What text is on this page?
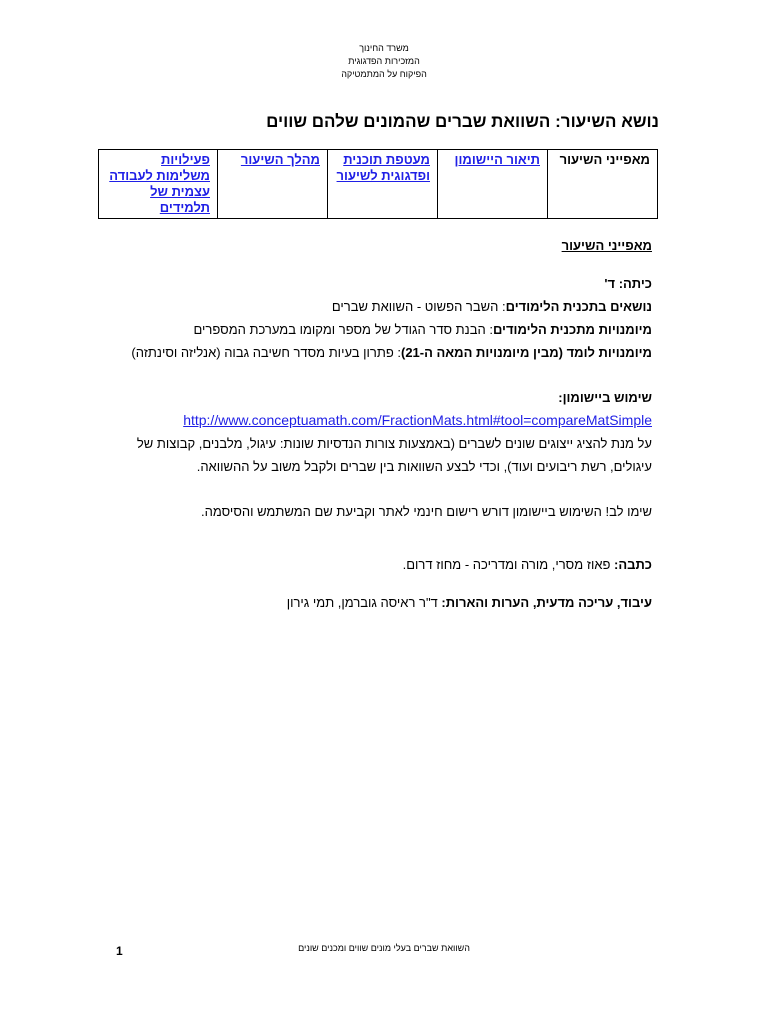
משרד החינוך
המזכירות הפדגוגית
הפיקוח על המתמטיקה
נושא השיעור: השוואת שברים שהמונים שלהם שווים
מאפייני השיעור	תיאור היישומון	מעטפת תוכנית ופדגוגית לשיעור	מהלך השיעור	פעילויות משלימות לעבודה עצמית של תלמידים
מאפייני השיעור
כיתה: ד'
נושאים בתכנית הלימודים: השבר הפשוט - השוואת שברים
מיומנויות מתכנית הלימודים: הבנת סדר הגודל של מספר ומקומו במערכת המספרים
מיומנויות לומד (מבין מיומנויות המאה ה-21): פתרון בעיות מסדר חשיבה גבוה (אנליזה וסינתזה)
שימוש ביישומון:
http://www.conceptuamath.com/FractionMats.html#tool=compareMatSimple
על מנת להציג ייצוגים שונים לשברים (באמצעות צורות הנדסיות שונות: עיגול, מלבנים, קבוצות של עיגולים, רשת ריבועים ועוד), וכדי לבצע השוואות בין שברים ולקבל משוב על ההשוואה.
שימו לב! השימוש ביישומון דורש רישום חינמי לאתר וקביעת שם המשתמש והסיסמה.
כתבה: פאוז מסרי, מורה ומדריכה - מחוז דרום.
עיבוד, עריכה מדעית, הערות והארות: ד"ר ראיסה גוברמן, תמי גירון
השוואת שברים בעלי מונים שווים ומכנים שונים
1
